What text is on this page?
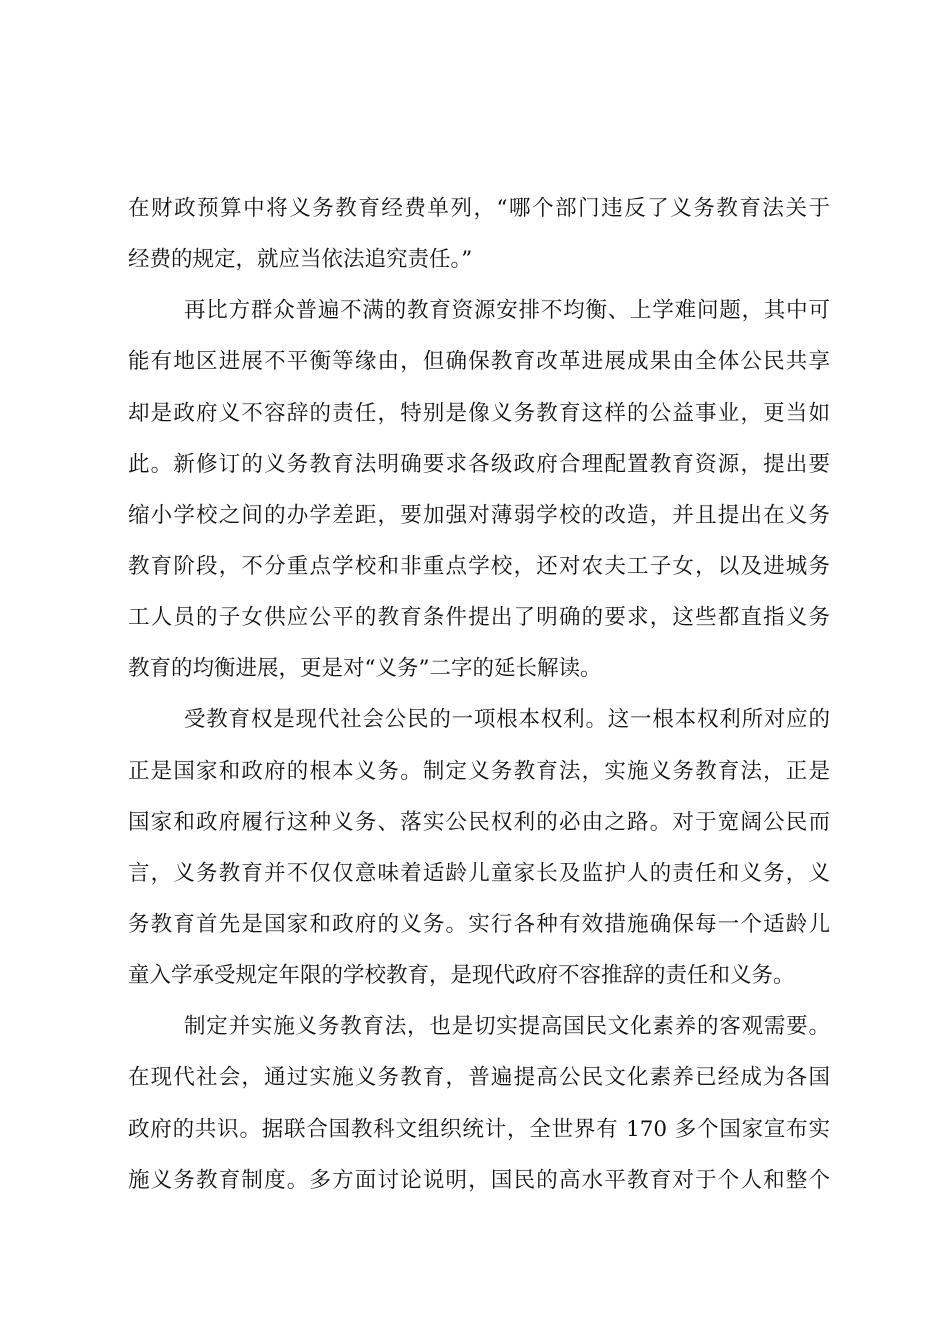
在财政预算中将义务教育经费单列，“哪个部门违反了义务教育法关于
经费的规定，就应当依法追究责任。”
再比方群众普遍不满的教育资源安排不均衡、上学难问题，其中可
能有地区进展不平衡等缘由，但确保教育改革进展成果由全体公民共享
却是政府义不容辞的责任，特别是像义务教育这样的公益事业，更当如
此。新修订的义务教育法明确要求各级政府合理配置教育资源，提出要
缩小学校之间的办学差距，要加强对薄弱学校的改造，并且提出在义务
教育阶段，不分重点学校和非重点学校，还对农夫工子女，以及进城务
工人员的子女供应公平的教育条件提出了明确的要求，这些都直指义务
教育的均衡进展，更是对“义务”二字的延长解读。
受教育权是现代社会公民的一项根本权利。这一根本权利所对应的
正是国家和政府的根本义务。制定义务教育法，实施义务教育法，正是
国家和政府履行这种义务、落实公民权利的必由之路。对于宽阔公民而
言，义务教育并不仅仅意味着适龄儿童家长及监护人的责任和义务，义
务教育首先是国家和政府的义务。实行各种有效措施确保每一个适龄儿
童入学承受规定年限的学校教育，是现代政府不容推辞的责任和义务。
制定并实施义务教育法，也是切实提高国民文化素养的客观需要。
在现代社会，通过实施义务教育，普遍提高公民文化素养已经成为各国
政府的共识。据联合国教科文组织统计，全世界有 170 多个国家宣布实
施义务教育制度。多方面讨论说明，国民的高水平教育对于个人和整个
